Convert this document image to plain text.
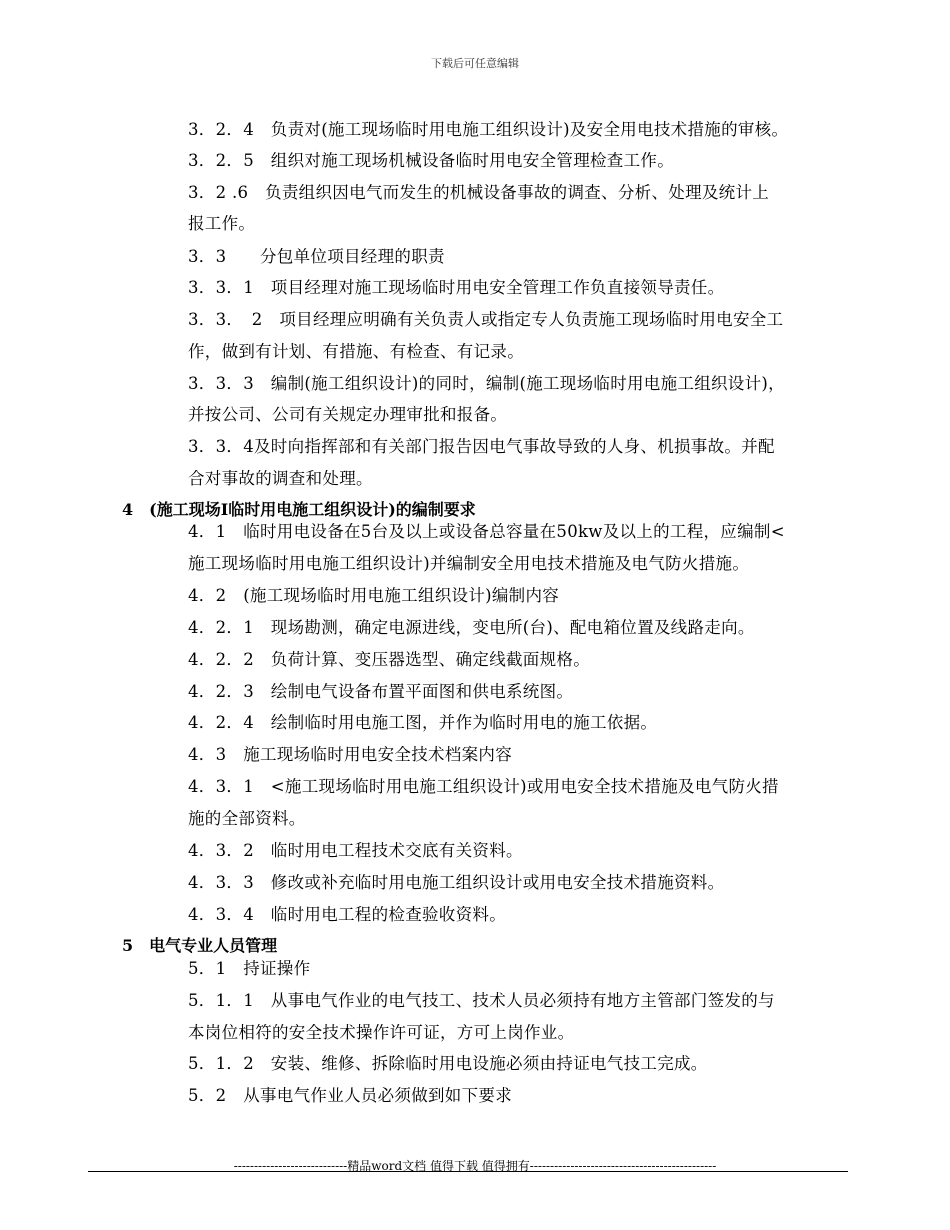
下载后可任意编辑
3．2．4　负责对(施工现场临时用电施工组织设计)及安全用电技术措施的审核。
3．2．5　组织对施工现场机械设备临时用电安全管理检查工作。
3．2 .6　负责组织因电气而发生的机械设备事故的调查、分析、处理及统计上
报工作。
3．3　　分包单位项目经理的职责
3．3．1　项目经理对施工现场临时用电安全管理工作负直接领导责任。
3．3．　2　项目经理应明确有关负责人或指定专人负责施工现场临时用电安全工
作，做到有计划、有措施、有检查、有记录。
3．3．3　编制(施工组织设计)的同时，编制(施工现场临时用电施工组织设计)，
并按公司、公司有关规定办理审批和报备。
3．3．4及时向指挥部和有关部门报告因电气事故导致的人身、机损事故。并配
合对事故的调查和处理。
4　(施工现场I临时用电施工组织设计)的编制要求
4．1　临时用电设备在5台及以上或设备总容量在50kw及以上的工程，应编制<
施工现场临时用电施工组织设计)并编制安全用电技术措施及电气防火措施。
4．2　(施工现场临时用电施工组织设计)编制内容
4．2．1　现场勘测，确定电源进线，变电所(台)、配电箱位置及线路走向。
4．2．2　负荷计算、变压器选型、确定线截面规格。
4．2．3　绘制电气设备布置平面图和供电系统图。
4．2．4　绘制临时用电施工图，并作为临时用电的施工依据。
4．3　施工现场临时用电安全技术档案内容
4．3．1　<施工现场临时用电施工组织设计)或用电安全技术措施及电气防火措
施的全部资料。
4．3．2　临时用电工程技术交底有关资料。
4．3．3　修改或补充临时用电施工组织设计或用电安全技术措施资料。
4．3．4　临时用电工程的检查验收资料。
5　电气专业人员管理
5．1　持证操作
5．1．1　从事电气作业的电气技工、技术人员必须持有地方主管部门签发的与
本岗位相符的安全技术操作许可证，方可上岗作业。
5．1．2　安装、维修、拆除临时用电设施必须由持证电气技工完成。
5．2　从事电气作业人员必须做到如下要求
----------------------------精品word文档 值得下载 值得拥有----------------------------------------------
